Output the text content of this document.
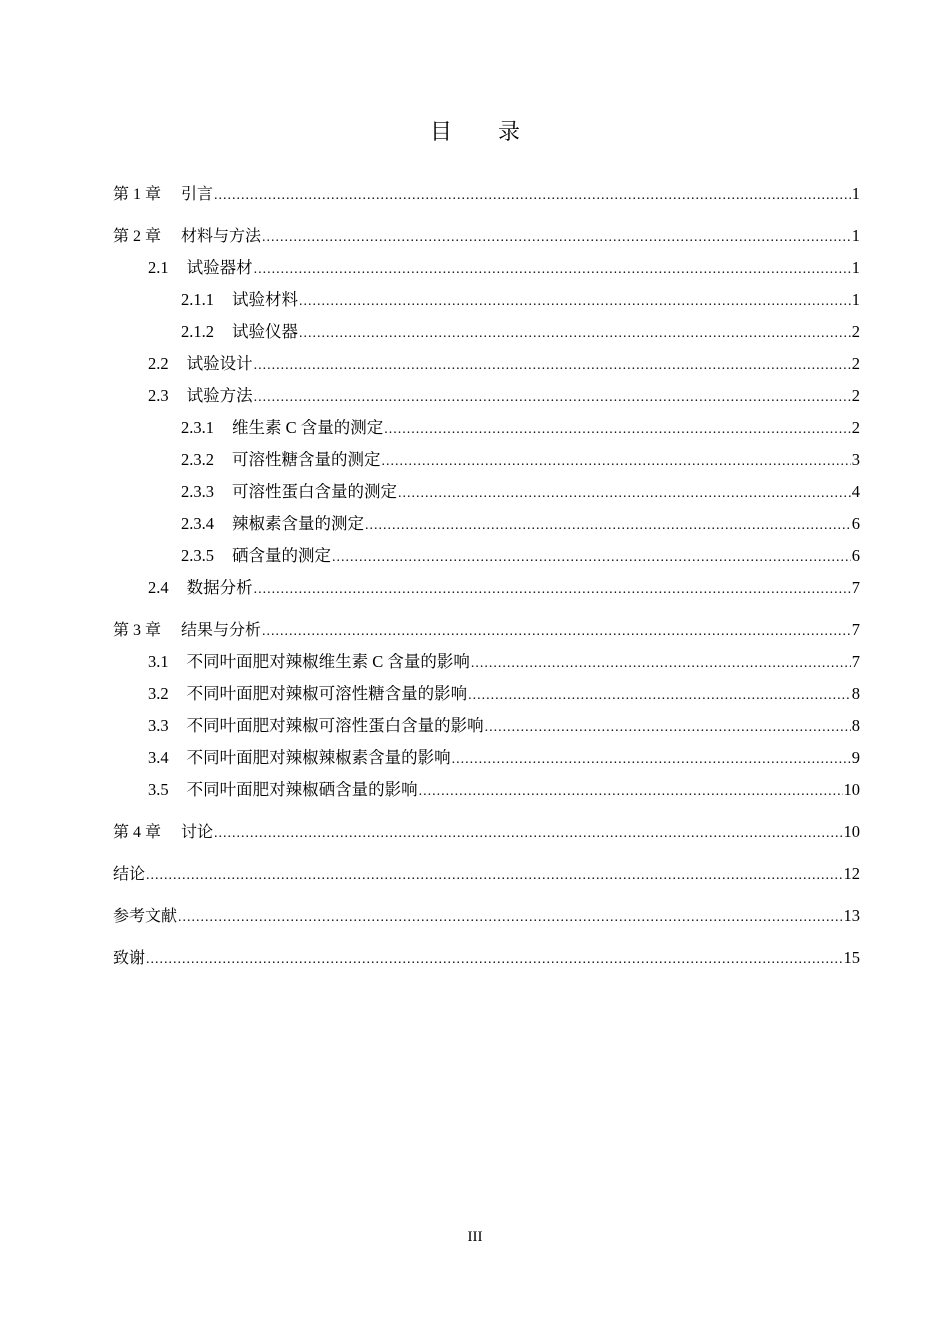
目 录
第 1 章 引言 .....	1
第 2 章 材料与方法 .....	1
2.1 试验器材 .....	1
2.1.1 试验材料 .....	1
2.1.2 试验仪器 .....	2
2.2 试验设计 .....	2
2.3 试验方法 .....	2
2.3.1 维生素 C 含量的测定 .....	2
2.3.2 可溶性糖含量的测定 .....	3
2.3.3 可溶性蛋白含量的测定 .....	4
2.3.4 辣椒素含量的测定 .....	6
2.3.5 硒含量的测定 .....	6
2.4 数据分析 .....	7
第 3 章 结果与分析 .....	7
3.1 不同叶面肥对辣椒维生素 C 含量的影响 .....	7
3.2 不同叶面肥对辣椒可溶性糖含量的影响 .....	8
3.3 不同叶面肥对辣椒可溶性蛋白含量的影响 .....	8
3.4 不同叶面肥对辣椒辣椒素含量的影响 .....	9
3.5 不同叶面肥对辣椒硒含量的影响 .....	10
第 4 章 讨论 .....	10
结论 .....	12
参考文献 .....	13
致谢 .....	15
III
